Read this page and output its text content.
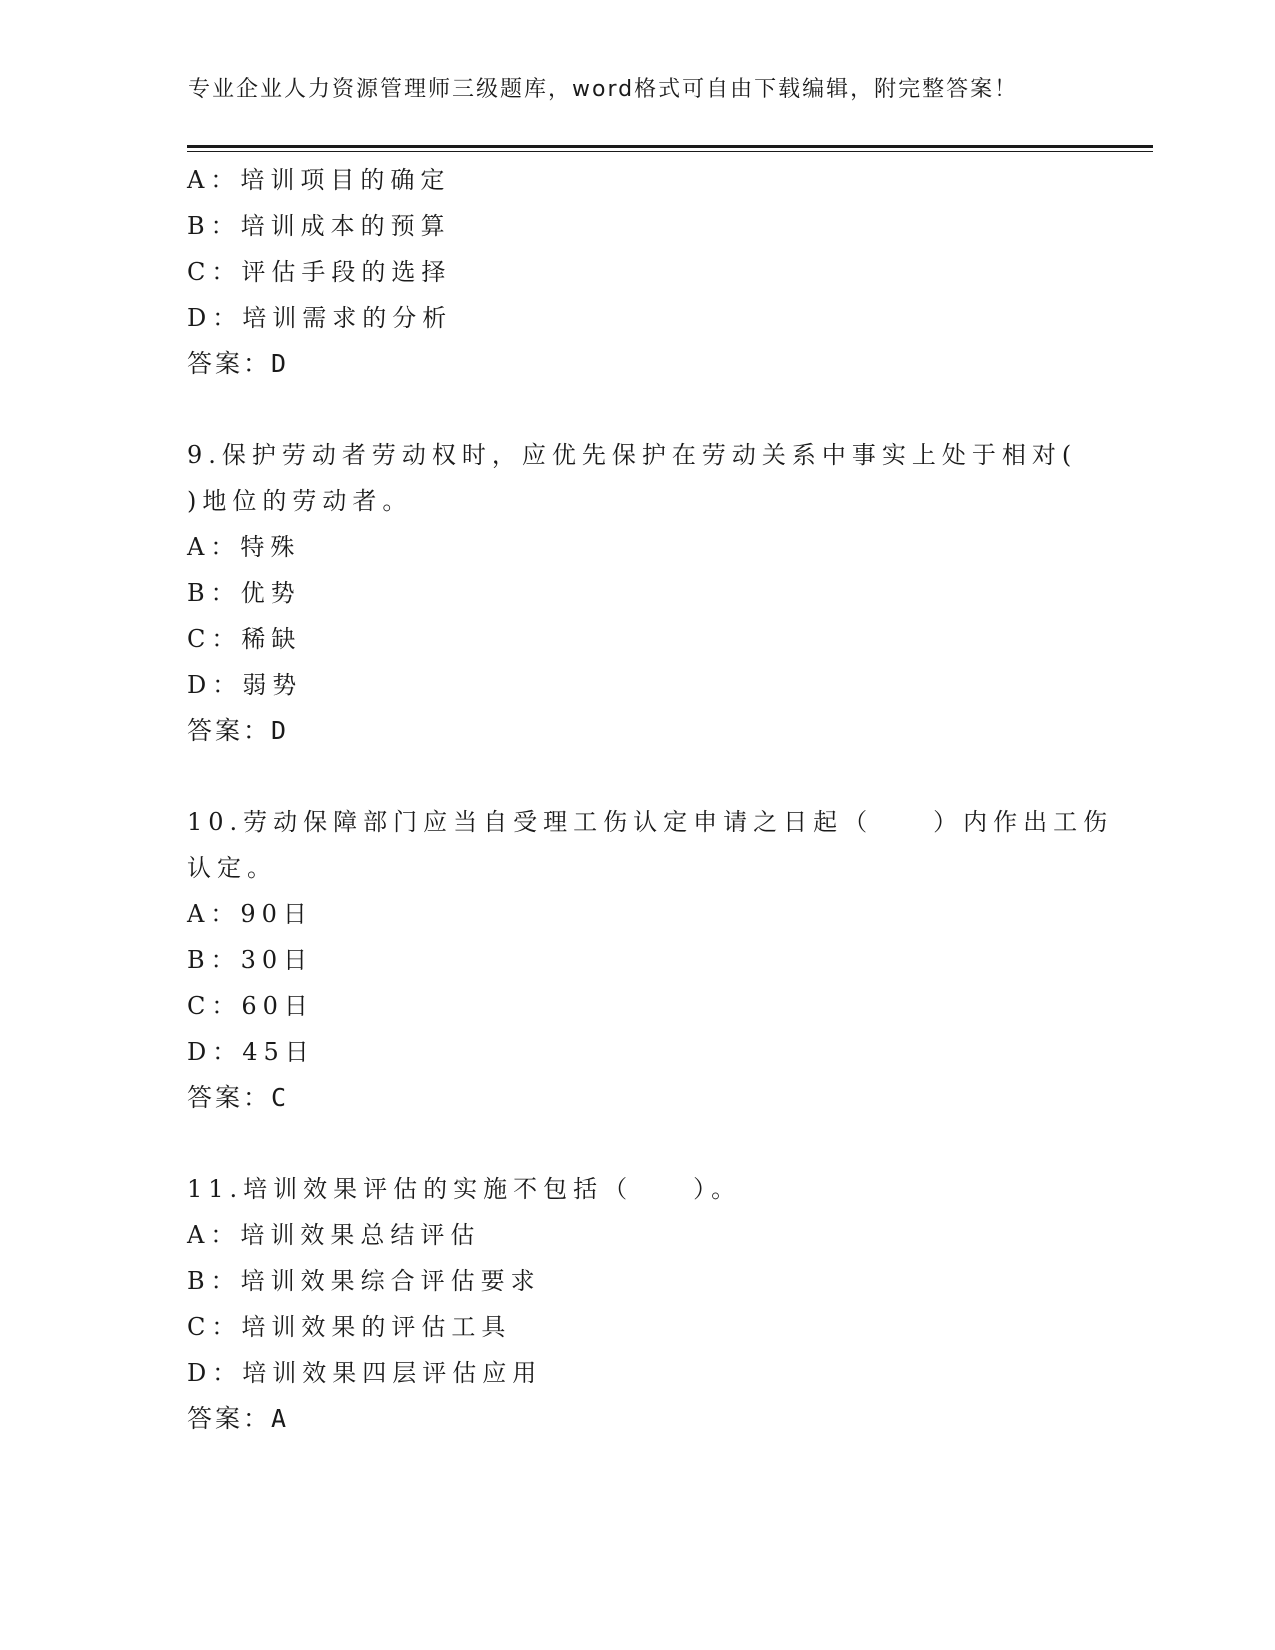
专业企业人力资源管理师三级题库，word格式可自由下载编辑，附完整答案！
A：培训项目的确定
B：培训成本的预算
C：评估手段的选择
D：培训需求的分析
答案：D
9.保护劳动者劳动权时，应优先保护在劳动关系中事实上处于相对(
)地位的劳动者。
A：特殊
B：优势
C：稀缺
D：弱势
答案：D
10.劳动保障部门应当自受理工伤认定申请之日起（　　）内作出工伤
认定。
A：90日
B：30日
C：60日
D：45日
答案：C
11.培训效果评估的实施不包括（　　）。
A：培训效果总结评估
B：培训效果综合评估要求
C：培训效果的评估工具
D：培训效果四层评估应用
答案：A
